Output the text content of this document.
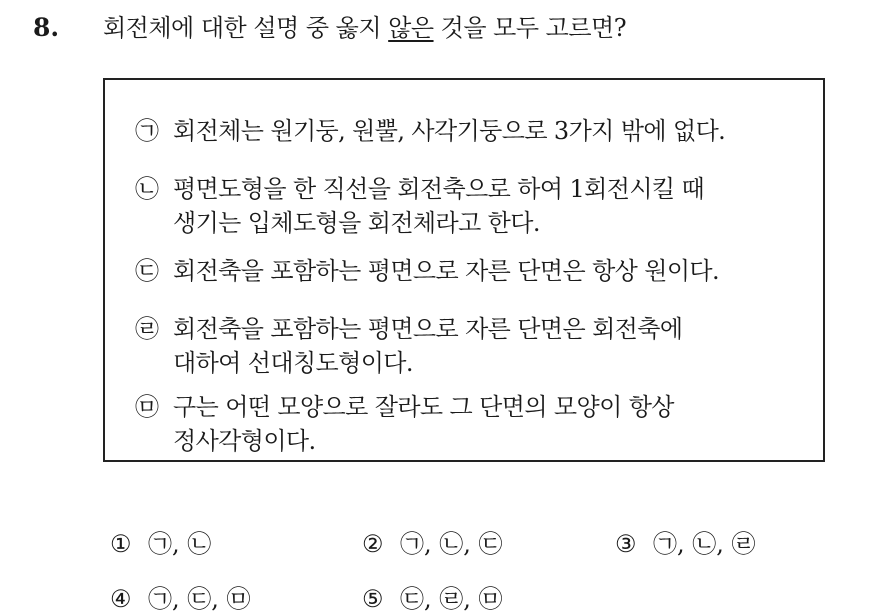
8. 회전체에 대한 설명 중 옳지 않은 것을 모두 고르면?
㉠ 회전체는 원기둥, 원뿔, 사각기둥으로 3가지 밖에 없다.
㉡ 평면도형을 한 직선을 회전축으로 하여 1회전시킬 때
생기는 입체도형을 회전체라고 한다.
㉢ 회전축을 포함하는 평면으로 자른 단면은 항상 원이다.
㉣ 회전축을 포함하는 평면으로 자른 단면은 회전축에
대하여 선대칭도형이다.
㉤ 구는 어떤 모양으로 잘라도 그 단면의 모양이 항상
정사각형이다.
① ㉠, ㉡	② ㉠, ㉡, ㉢	③ ㉠, ㉡, ㉣
④ ㉠, ㉢, ㉤	⑤ ㉢, ㉣, ㉤
